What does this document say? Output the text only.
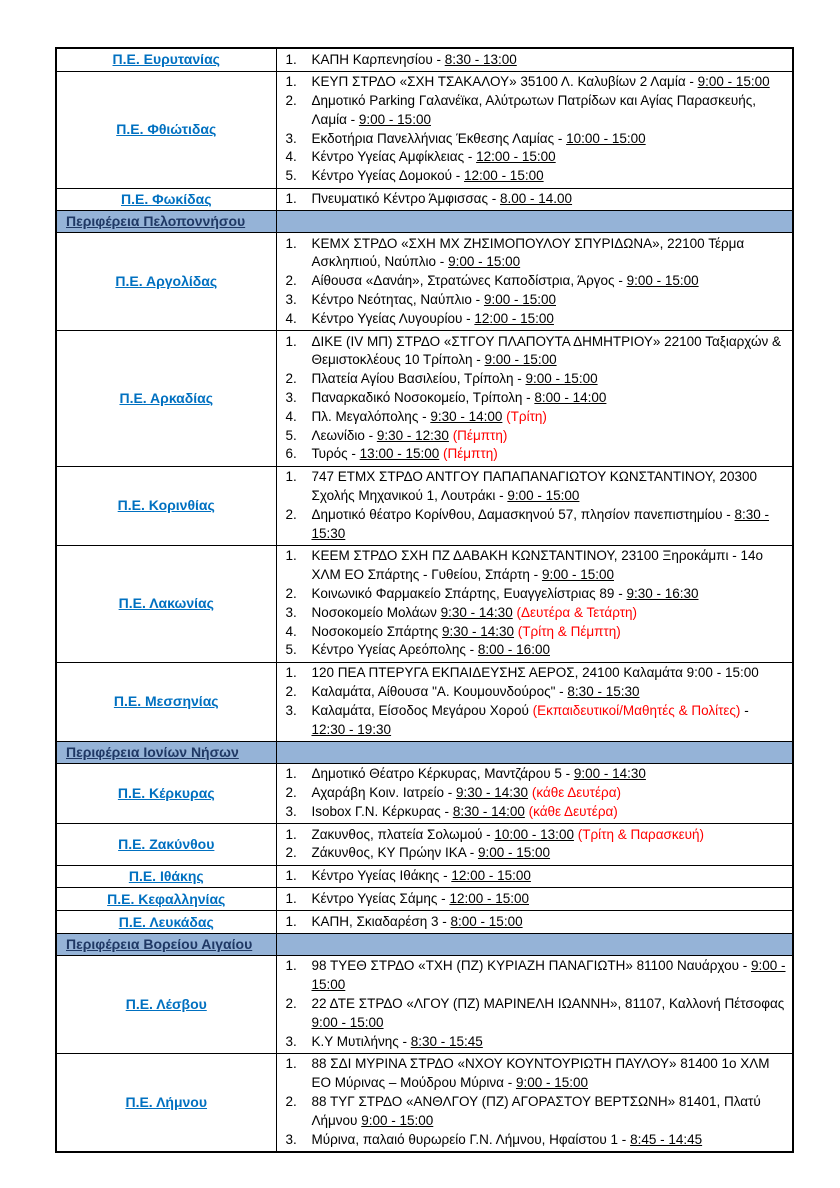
Π.Ε. Ευρυτανίας	1. ΚΑΠΗ Καρπενησίου - 8:30 - 13:00

Π.Ε. Φθιώτιδας	
1.	ΚΕΥΠ ΣΤΡΔΟ «ΣΧΗ ΤΣΑΚΑΛΟΥ» 35100 Λ. Καλυβίων 2 Λαμία - 9:00 - 15:00
2.	Δημοτικό Parking Γαλανέϊκα, Αλύτρωτων Πατρίδων και Αγίας Παρασκευής, Λαμία - 9:00 - 15:00
3.	Εκδοτήρια Πανελλήνιας Έκθεσης Λαμίας - 10:00 - 15:00
4.	Κέντρο Υγείας Αμφίκλειας - 12:00 - 15:00
5.	Κέντρο Υγείας Δομοκού - 12:00 - 15:00

Π.Ε. Φωκίδας	1. Πνευματικό Κέντρο Άμφισσας - 8.00 - 14.00

Περιφέρεια Πελοποννήσου	
Π.Ε. Αργολίδας	
1.	ΚΕΜΧ ΣΤΡΔΟ «ΣΧΗ ΜΧ ΖΗΣΙΜΟΠΟΥΛΟΥ ΣΠΥΡΙΔΩΝΑ», 22100 Τέρμα Ασκληπιού, Ναύπλιο - 9:00 - 15:00
2.	Αίθουσα «Δανάη», Στρατώνες Καποδίστρια, Άργος - 9:00 - 15:00
3.	Κέντρο Νεότητας, Ναύπλιο - 9:00 - 15:00
4.	Κέντρο Υγείας Λυγουρίου - 12:00 - 15:00

Π.Ε. Αρκαδίας	
1.	ΔΙΚΕ (ΙV ΜΠ) ΣΤΡΔΟ «ΣΤΓΟΥ ΠΛΑΠΟΥΤΑ ΔΗΜΗΤΡΙΟΥ» 22100 Ταξιαρχών & Θεμιστοκλέους 10 Τρίπολη - 9:00 - 15:00
2.	Πλατεία Αγίου Βασιλείου, Τρίπολη - 9:00 - 15:00
3.	Παναρκαδικό Νοσοκομείο, Τρίπολη - 8:00 - 14:00
4.	Πλ. Μεγαλόπολης - 9:30 - 14:00 (Τρίτη)
5.	Λεωνίδιο - 9:30 - 12:30 (Πέμπτη)
6.	Τυρός - 13:00 - 15:00 (Πέμπτη)

Π.Ε. Κορινθίας	1. 747 ΕΤΜΧ ΣΤΡΔΟ ΑΝΤΓΟΥ ΠΑΠΑΠΑΝΑΓΙΩΤΟΥ ΚΩΝΣΤΑΝΤΙΝΟΥ, 20300 Σχολής Μηχανικού 1, Λουτράκι - 9:00 - 15:00
2. Δημοτικό θέατρο Κορίνθου, Δαμασκηνού 57, πλησίον πανεπιστημίου - 8:30 - 15:30

Π.Ε. Λακωνίας	
1.	ΚΕΕΜ ΣΤΡΔΟ ΣΧΗ ΠΖ ΔΑΒΑΚΗ ΚΩΝΣΤΑΝΤΙΝΟΥ, 23100 Ξηροκάμπι - 14ο ΧΛΜ ΕΟ Σπάρτης - Γυθείου, Σπάρτη - 9:00 - 15:00
2.	Κοινωνικό Φαρμακείο Σπάρτης, Ευαγγελίστριας 89 - 9:30 - 16:30
3.	Νοσοκομείο Μολάων 9:30 - 14:30 (Δευτέρα & Τετάρτη)
4.	Νοσοκομείο Σπάρτης 9:30 - 14:30 (Τρίτη & Πέμπτη)
5.	Κέντρο Υγείας Αρεόπολης - 8:00 - 16:00

Π.Ε. Μεσσηνίας	
1.	120 ΠΕΑ ΠΤΕΡΥΓΑ ΕΚΠΑΙΔΕΥΣΗΣ ΑΕΡΟΣ, 24100 Καλαμάτα 9:00 - 15:00
2.	Καλαμάτα, Αίθουσα "Α. Κουμουνδούρος" - 8:30 - 15:30
3.	Καλαμάτα, Είσοδος Μεγάρου Χορού (Εκπαιδευτικοί/Μαθητές & Πολίτες) - 12:30 - 19:30

Περιφέρεια Ιονίων Νήσων	
Π.Ε. Κέρκυρας	
1.	Δημοτικό Θέατρο Κέρκυρας, Μαντζάρου 5 - 9:00 - 14:30
2.	Αχαράβη Κοιν. Ιατρείο - 9:30 - 14:30 (κάθε Δευτέρα)
3.	Isobox Γ.Ν. Κέρκυρας - 8:30 - 14:00 (κάθε Δευτέρα)

Π.Ε. Ζακύνθου	1. Ζακυνθος, πλατεία Σολωμού - 10:00 - 13:00 (Τρίτη & Παρασκευή)
2. Ζάκυνθος, ΚΥ Πρώην ΙΚΑ - 9:00 - 15:00

Π.Ε. Ιθάκης	1. Κέντρο Υγείας Ιθάκης - 12:00 - 15:00

Π.Ε. Κεφαλληνίας	1. Κέντρο Υγείας Σάμης - 12:00 - 15:00

Π.Ε. Λευκάδας	1. ΚΑΠΗ, Σκιαδαρέση 3 - 8:00 - 15:00

Περιφέρεια Βορείου Αιγαίου	
Π.Ε. Λέσβου	
1.	98 ΤΥΕΘ ΣΤΡΔΟ «ΤΧΗ (ΠΖ) ΚΥΡΙΑΖΗ ΠΑΝΑΓΙΩΤΗ» 81100 Ναυάρχου - 9:00 - 15:00
2.	22 ΔΤΕ ΣΤΡΔΟ «ΛΓΟΥ (ΠΖ) ΜΑΡΙΝΕΛΗ ΙΩΑΝΝΗ», 81107, Καλλονή Πέτσοφας 9:00 - 15:00
3.	Κ.Υ Μυτιλήνης - 8:30 - 15:45

Π.Ε. Λήμνου	
1.	88 ΣΔΙ ΜΥΡΙΝΑ ΣΤΡΔΟ «ΝΧΟΥ ΚΟΥΝΤΟΥΡΙΩΤΗ ΠΑΥΛΟΥ» 81400 1ο ΧΛΜ ΕΟ Μύρινας – Μούδρου Μύρινα - 9:00 - 15:00
2.	88 ΤΥΓ ΣΤΡΔΟ «ΑΝΘΛΓΟΥ (ΠΖ) ΑΓΟΡΑΣΤΟΥ ΒΕΡΤΣΩΝΗ» 81401, Πλατύ Λήμνου 9:00 - 15:00
3.	Μύρινα, παλαιό θυρωρείο Γ.Ν. Λήμνου, Ηφαίστου 1 - 8:45 - 14:45
